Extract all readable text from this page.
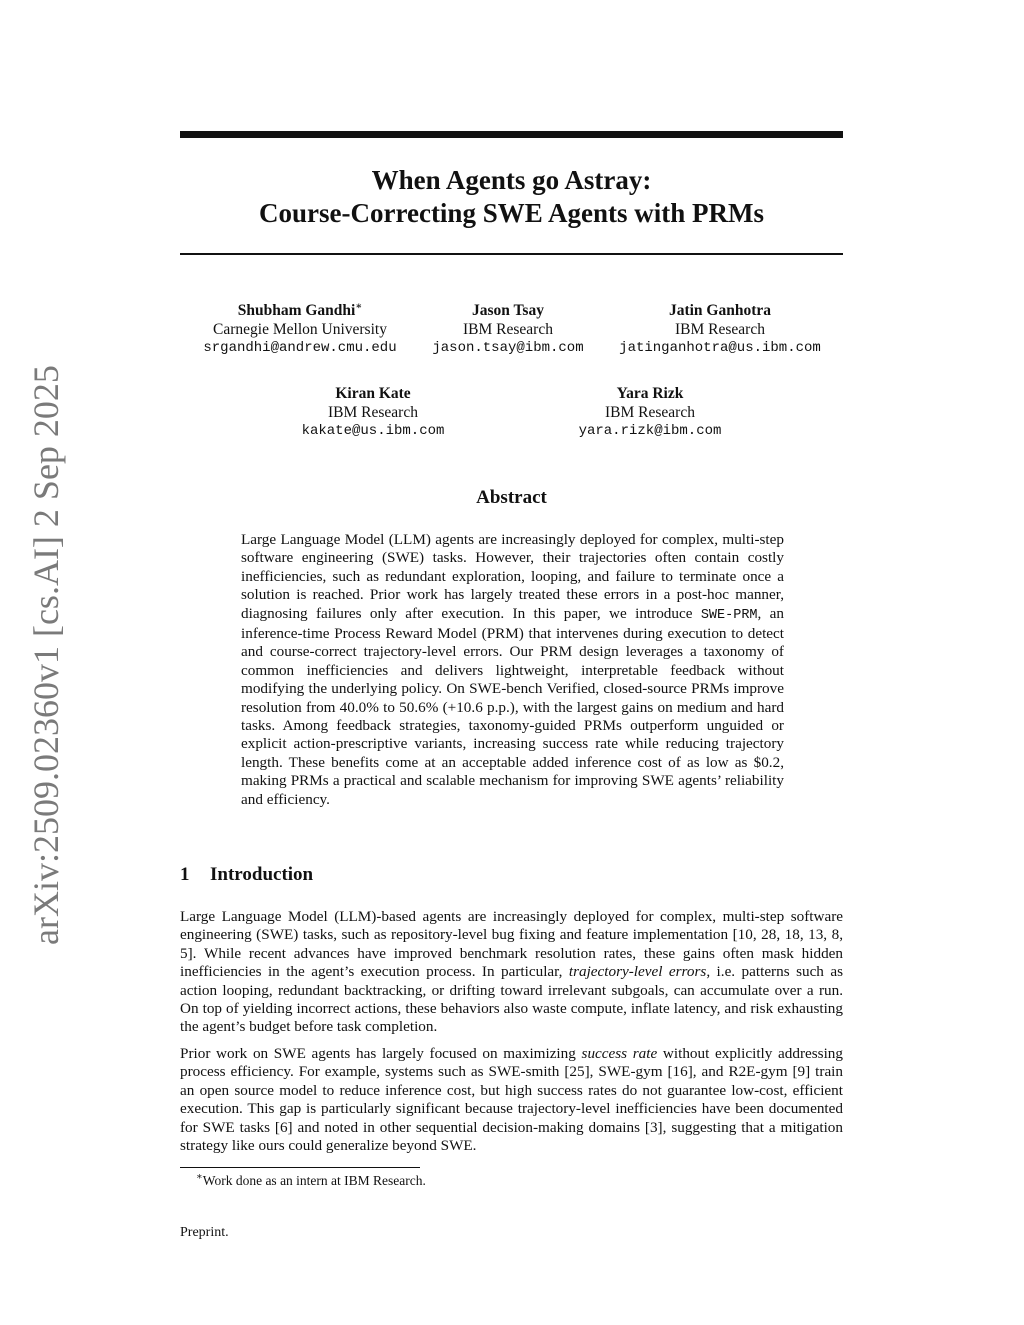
arXiv:2509.02360v1 [cs.AI] 2 Sep 2025
When Agents go Astray:
Course-Correcting SWE Agents with PRMs
Shubham Gandhi∗
Carnegie Mellon University
srgandhi@andrew.cmu.edu
Jason Tsay
IBM Research
jason.tsay@ibm.com
Jatin Ganhotra
IBM Research
jatinganhotra@us.ibm.com
Kiran Kate
IBM Research
kakate@us.ibm.com
Yara Rizk
IBM Research
yara.rizk@ibm.com
Abstract
Large Language Model (LLM) agents are increasingly deployed for complex, multi-step software engineering (SWE) tasks. However, their trajectories often contain costly inefficiencies, such as redundant exploration, looping, and failure to terminate once a solution is reached. Prior work has largely treated these errors in a post-hoc manner, diagnosing failures only after execution. In this paper, we introduce SWE-PRM, an inference-time Process Reward Model (PRM) that intervenes during execution to detect and course-correct trajectory-level errors. Our PRM design leverages a taxonomy of common inefficiencies and delivers lightweight, interpretable feedback without modifying the underlying policy. On SWE-bench Verified, closed-source PRMs improve resolution from 40.0% to 50.6% (+10.6 p.p.), with the largest gains on medium and hard tasks. Among feedback strategies, taxonomy-guided PRMs outperform unguided or explicit action-prescriptive variants, increasing success rate while reducing trajectory length. These benefits come at an acceptable added inference cost of as low as $0.2, making PRMs a practical and scalable mechanism for improving SWE agents’ reliability and efficiency.
1 Introduction
Large Language Model (LLM)-based agents are increasingly deployed for complex, multi-step software engineering (SWE) tasks, such as repository-level bug fixing and feature implementation [10, 28, 18, 13, 8, 5]. While recent advances have improved benchmark resolution rates, these gains often mask hidden inefficiencies in the agent’s execution process. In particular, trajectory-level errors, i.e. patterns such as action looping, redundant backtracking, or drifting toward irrelevant subgoals, can accumulate over a run. On top of yielding incorrect actions, these behaviors also waste compute, inflate latency, and risk exhausting the agent’s budget before task completion.
Prior work on SWE agents has largely focused on maximizing success rate without explicitly addressing process efficiency. For example, systems such as SWE-smith [25], SWE-gym [16], and R2E-gym [9] train an open source model to reduce inference cost, but high success rates do not guarantee low-cost, efficient execution. This gap is particularly significant because trajectory-level inefficiencies have been documented for SWE tasks [6] and noted in other sequential decision-making domains [3], suggesting that a mitigation strategy like ours could generalize beyond SWE.
∗Work done as an intern at IBM Research.
Preprint.
